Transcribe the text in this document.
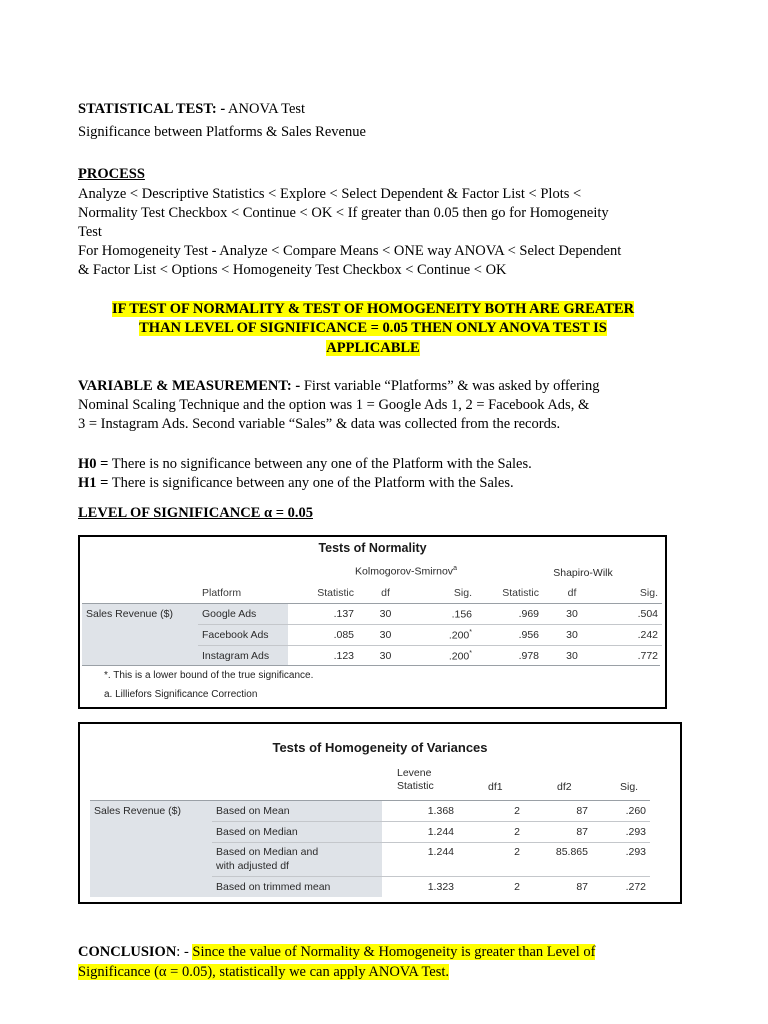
STATISTICAL TEST: - ANOVA Test
Significance between Platforms & Sales Revenue
PROCESS
Analyze < Descriptive Statistics < Explore < Select Dependent & Factor List < Plots <
Normality Test Checkbox < Continue < OK < If greater than 0.05 then go for Homogeneity
Test
For Homogeneity Test - Analyze < Compare Means < ONE way ANOVA < Select Dependent
& Factor List < Options < Homogeneity Test Checkbox < Continue < OK
IF TEST OF NORMALITY & TEST OF HOMOGENEITY BOTH ARE GREATER
THAN LEVEL OF SIGNIFICANCE = 0.05 THEN ONLY ANOVA TEST IS
APPLICABLE
VARIABLE & MEASUREMENT: - First variable “Platforms” & was asked by offering
Nominal Scaling Technique and the option was 1 = Google Ads 1, 2 = Facebook Ads, &
3 = Instagram Ads. Second variable “Sales” & data was collected from the records.
H0 = There is no significance between any one of the Platform with the Sales.
H1 = There is significance between any one of the Platform with the Sales.
LEVEL OF SIGNIFICANCE α = 0.05
Tests of Normality
Kolmogorov-Smirnov$^a$	Shapiro-Wilk
	Platform	Statistic	df	Sig.	Statistic	df	Sig.
Sales Revenue ($)	Google Ads	.137	30	.156	.969	30	.504
	Facebook Ads	.085	30	.200*	.956	30	.242
	Instagram Ads	.123	30	.200*	.978	30	.772
*. This is a lower bound of the true significance.
a. Lilliefors Significance Correction
Tests of Homogeneity of Variances
Levene
Statistic	df1	df2	Sig.
Sales Revenue ($)	Based on Mean	1.368	2	87	.260
	Based on Median	1.244	2	87	.293

	Based on Median and
with adjusted df	1.244	2	85.865	.293
	Based on trimmed mean	1.323	2	87	.272
CONCLUSION: - Since the value of Normality & Homogeneity is greater than Level of
Significance (α = 0.05), statistically we can apply ANOVA Test.
